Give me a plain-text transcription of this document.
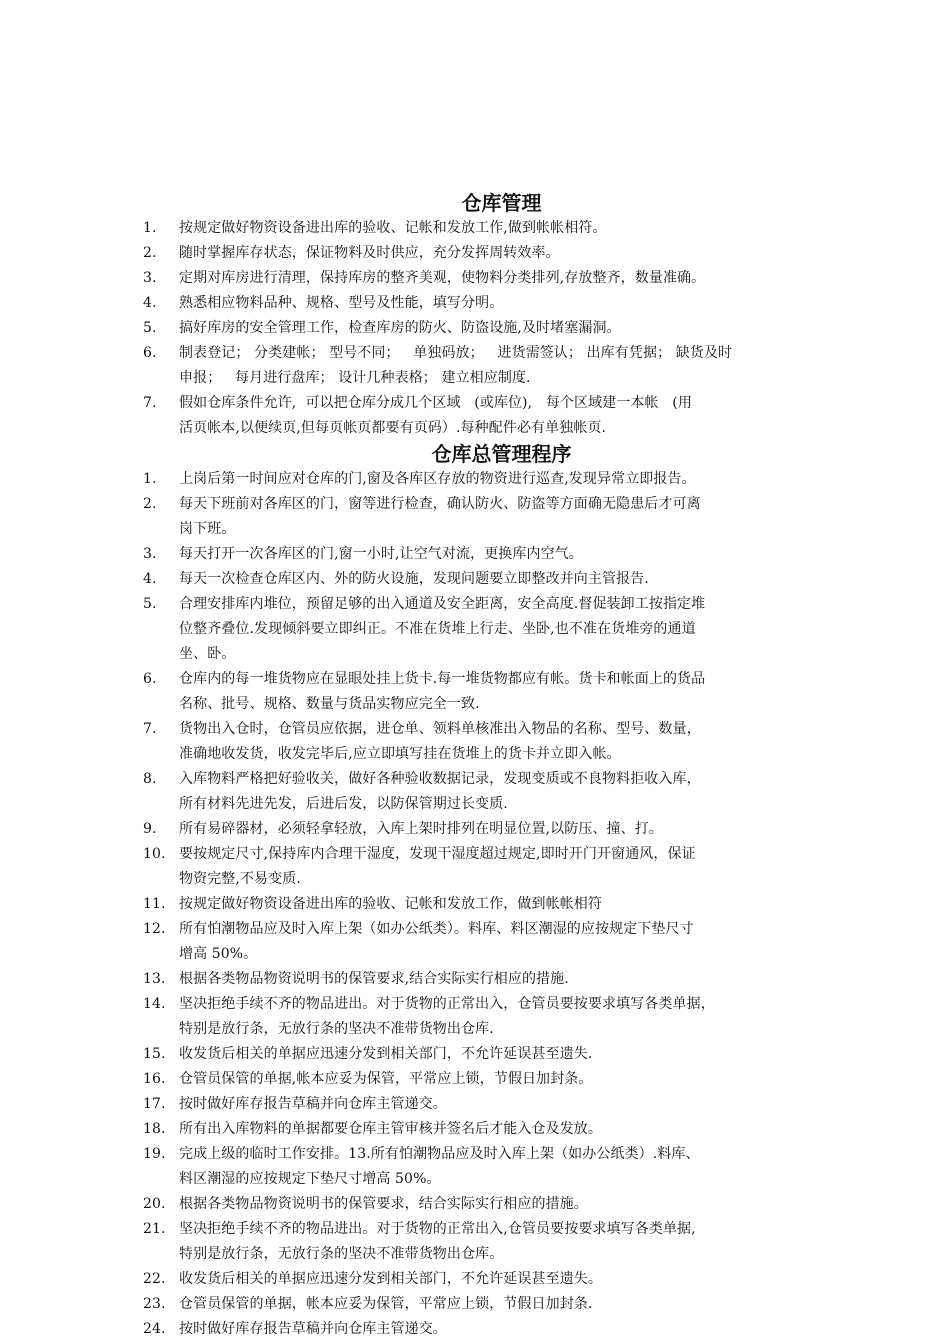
仓库管理
1.	按规定做好物资设备进出库的验收、记帐和发放工作,做到帐帐相符。
2.	随时掌握库存状态，保证物料及时供应，充分发挥周转效率。
3.	定期对库房进行清理，保持库房的整齐美观，使物料分类排列,存放整齐，数量准确。
4.	熟悉相应物料品种、规格、型号及性能，填写分明。
5.	搞好库房的安全管理工作，检查库房的防火、防盗设施,及时堵塞漏洞。
6.	制表登记； 分类建帐； 型号不同；   单独码放；   进货需签认； 出库有凭据； 缺货及时
申报；   每月进行盘库； 设计几种表格； 建立相应制度.
7.	假如仓库条件允许,  可以把仓库分成几个区域   (或库位),   每个区域建一本帐   (用
活页帐本,以便续页,但每页帐页都要有页码）.每种配件必有单独帐页.
仓库总管理程序
1.	上岗后第一时间应对仓库的门,窗及各库区存放的物资进行巡查,发现异常立即报告。
2.	每天下班前对各库区的门，窗等进行检查，确认防火、防盗等方面确无隐患后才可离
岗下班。
3.	每天打开一次各库区的门,窗一小时,让空气对流，更换库内空气。
4.	每天一次检查仓库区内、外的防火设施，发现问题要立即整改并向主管报告.
5.	合理安排库内堆位，预留足够的出入通道及安全距离，安全高度.督促装卸工按指定堆
位整齐叠位.发现倾斜要立即纠正。不准在货堆上行走、坐卧,也不准在货堆旁的通道
坐、卧。
6.	仓库内的每一堆货物应在显眼处挂上货卡.每一堆货物都应有帐。货卡和帐面上的货品
名称、批号、规格、数量与货品实物应完全一致.
7.	货物出入仓时，仓管员应依据，进仓单、领料单核准出入物品的名称、型号、数量，
准确地收发货，收发完毕后,应立即填写挂在货堆上的货卡并立即入帐。
8.	入库物料严格把好验收关，做好各种验收数据记录，发现变质或不良物料拒收入库，
所有材料先进先发，后进后发，以防保管期过长变质.
9.	所有易碎器材，必须轻拿轻放，入库上架时排列在明显位置,以防压、撞、打。
10. 要按规定尺寸,保持库内合理干湿度，发现干湿度超过规定,即时开门开窗通风，保证
物资完整,不易变质.
11. 按规定做好物资设备进出库的验收、记帐和发放工作，做到帐帐相符
12. 所有怕潮物品应及时入库上架（如办公纸类）。料库、料区潮湿的应按规定下垫尺寸
增高 50%。
13. 根据各类物品物资说明书的保管要求,结合实际实行相应的措施.
14. 坚决拒绝手续不齐的物品进出。对于货物的正常出入，仓管员要按要求填写各类单据，
特别是放行条，无放行条的坚决不准带货物出仓库.
15. 收发货后相关的单据应迅速分发到相关部门，不允许延误甚至遗失.
16. 仓管员保管的单据,帐本应妥为保管，平常应上锁，节假日加封条。
17. 按时做好库存报告草稿并向仓库主管递交。
18. 所有出入库物料的单据都要仓库主管审核并签名后才能入仓及发放。
19. 完成上级的临时工作安排。13.所有怕潮物品应及时入库上架（如办公纸类）.料库、
料区潮湿的应按规定下垫尺寸增高 50%。
20. 根据各类物品物资说明书的保管要求，结合实际实行相应的措施。
21. 坚决拒绝手续不齐的物品进出。对于货物的正常出入,仓管员要按要求填写各类单据,
特别是放行条，无放行条的坚决不准带货物出仓库。
22. 收发货后相关的单据应迅速分发到相关部门，不允许延误甚至遗失。
23. 仓管员保管的单据，帐本应妥为保管，平常应上锁，节假日加封条.
24. 按时做好库存报告草稿并向仓库主管递交。
